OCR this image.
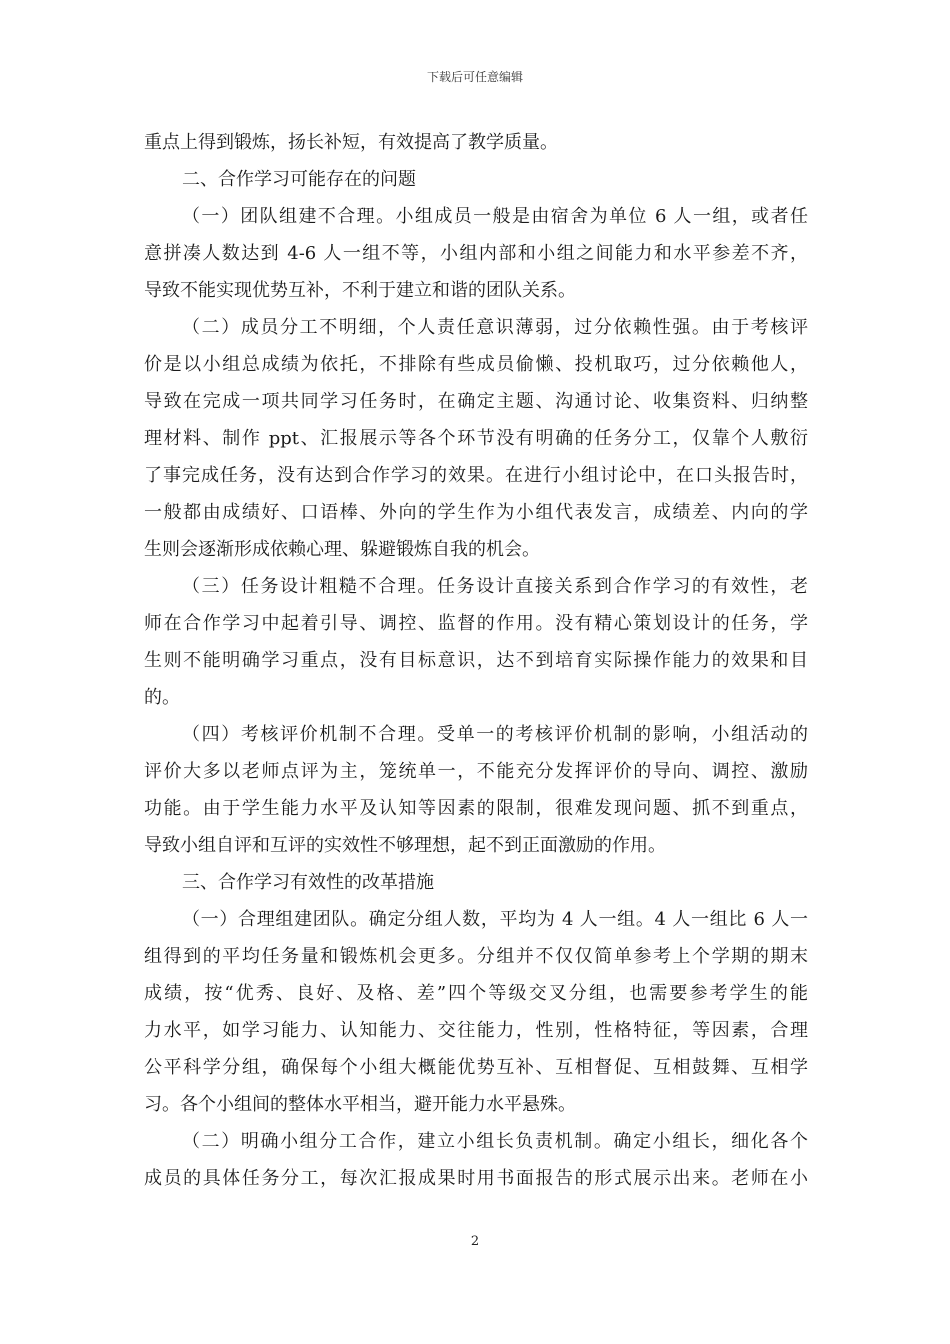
下载后可任意编辑
重点上得到锻炼，扬长补短，有效提高了教学质量。
二、合作学习可能存在的问题
（一）团队组建不合理。小组成员一般是由宿舍为单位 6 人一组，或者任
意拼凑人数达到 4-6 人一组不等，小组内部和小组之间能力和水平参差不齐，
导致不能实现优势互补，不利于建立和谐的团队关系。
（二）成员分工不明细，个人责任意识薄弱，过分依赖性强。由于考核评
价是以小组总成绩为依托，不排除有些成员偷懒、投机取巧，过分依赖他人，
导致在完成一项共同学习任务时，在确定主题、沟通讨论、收集资料、归纳整
理材料、制作 ppt、汇报展示等各个环节没有明确的任务分工，仅靠个人敷衍
了事完成任务，没有达到合作学习的效果。在进行小组讨论中，在口头报告时，
一般都由成绩好、口语棒、外向的学生作为小组代表发言，成绩差、内向的学
生则会逐渐形成依赖心理、躲避锻炼自我的机会。
（三）任务设计粗糙不合理。任务设计直接关系到合作学习的有效性，老
师在合作学习中起着引导、调控、监督的作用。没有精心策划设计的任务，学
生则不能明确学习重点，没有目标意识，达不到培育实际操作能力的效果和目
的。
（四）考核评价机制不合理。受单一的考核评价机制的影响，小组活动的
评价大多以老师点评为主，笼统单一，不能充分发挥评价的导向、调控、激励
功能。由于学生能力水平及认知等因素的限制，很难发现问题、抓不到重点，
导致小组自评和互评的实效性不够理想，起不到正面激励的作用。
三、合作学习有效性的改革措施
（一）合理组建团队。确定分组人数，平均为 4 人一组。4 人一组比 6 人一
组得到的平均任务量和锻炼机会更多。分组并不仅仅简单参考上个学期的期末
成绩，按“优秀、良好、及格、差”四个等级交叉分组，也需要参考学生的能
力水平，如学习能力、认知能力、交往能力，性别，性格特征，等因素，合理
公平科学分组，确保每个小组大概能优势互补、互相督促、互相鼓舞、互相学
习。各个小组间的整体水平相当，避开能力水平悬殊。
（二）明确小组分工合作，建立小组长负责机制。确定小组长，细化各个
成员的具体任务分工，每次汇报成果时用书面报告的形式展示出来。老师在小
2
